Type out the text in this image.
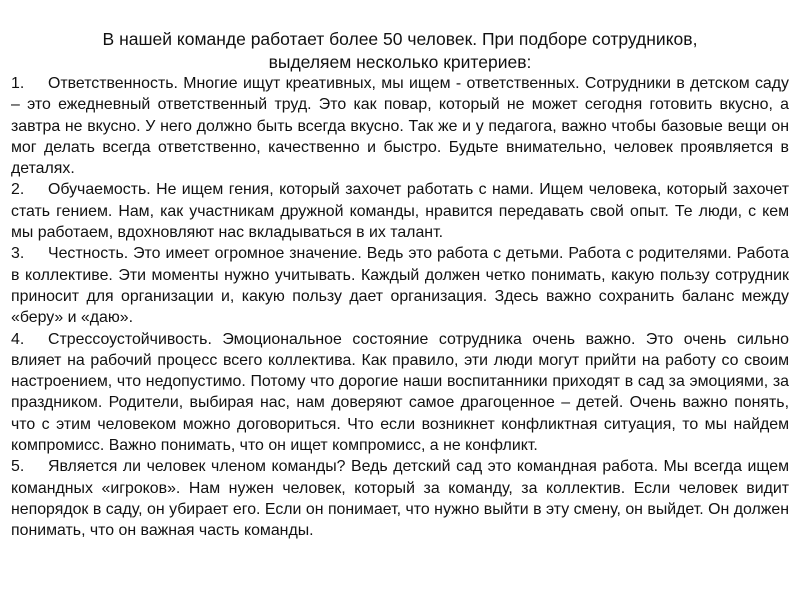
В нашей команде работает более 50 человек. При подборе сотрудников,
выделяем несколько критериев:
1. Ответственность. Многие ищут креативных, мы ищем - ответственных. Сотрудники в детском саду – это ежедневный ответственный труд. Это как повар, который не может сегодня готовить вкусно, а завтра не вкусно. У него должно быть всегда вкусно. Так же и у педагога, важно чтобы базовые вещи он мог делать всегда ответственно, качественно и быстро. Будьте внимательно, человек проявляется в деталях.
2. Обучаемость. Не ищем гения, который захочет работать с нами. Ищем человека, который захочет стать гением. Нам, как участникам дружной команды, нравится передавать свой опыт. Те люди, с кем мы работаем, вдохновляют нас вкладываться в их талант.
3. Честность. Это имеет огромное значение. Ведь это работа с детьми. Работа с родителями. Работа в коллективе. Эти моменты нужно учитывать. Каждый должен четко понимать, какую пользу сотрудник приносит для организации и, какую пользу дает организация. Здесь важно сохранить баланс между «беру» и «даю».
4. Стрессоустойчивость. Эмоциональное состояние сотрудника очень важно. Это очень сильно влияет на рабочий процесс всего коллектива. Как правило, эти люди могут прийти на работу со своим настроением, что недопустимо. Потому что дорогие наши воспитанники приходят в сад за эмоциями, за праздником. Родители, выбирая нас, нам доверяют самое драгоценное – детей. Очень важно понять, что с этим человеком можно договориться. Что если возникнет конфликтная ситуация, то мы найдем компромисс. Важно понимать, что он ищет компромисс, а не конфликт.
5. Является ли человек членом команды? Ведь детский сад это командная работа. Мы всегда ищем командных «игроков». Нам нужен человек, который за команду, за коллектив. Если человек видит непорядок в саду, он убирает его. Если он понимает, что нужно выйти в эту смену, он выйдет. Он должен понимать, что он важная часть команды.
